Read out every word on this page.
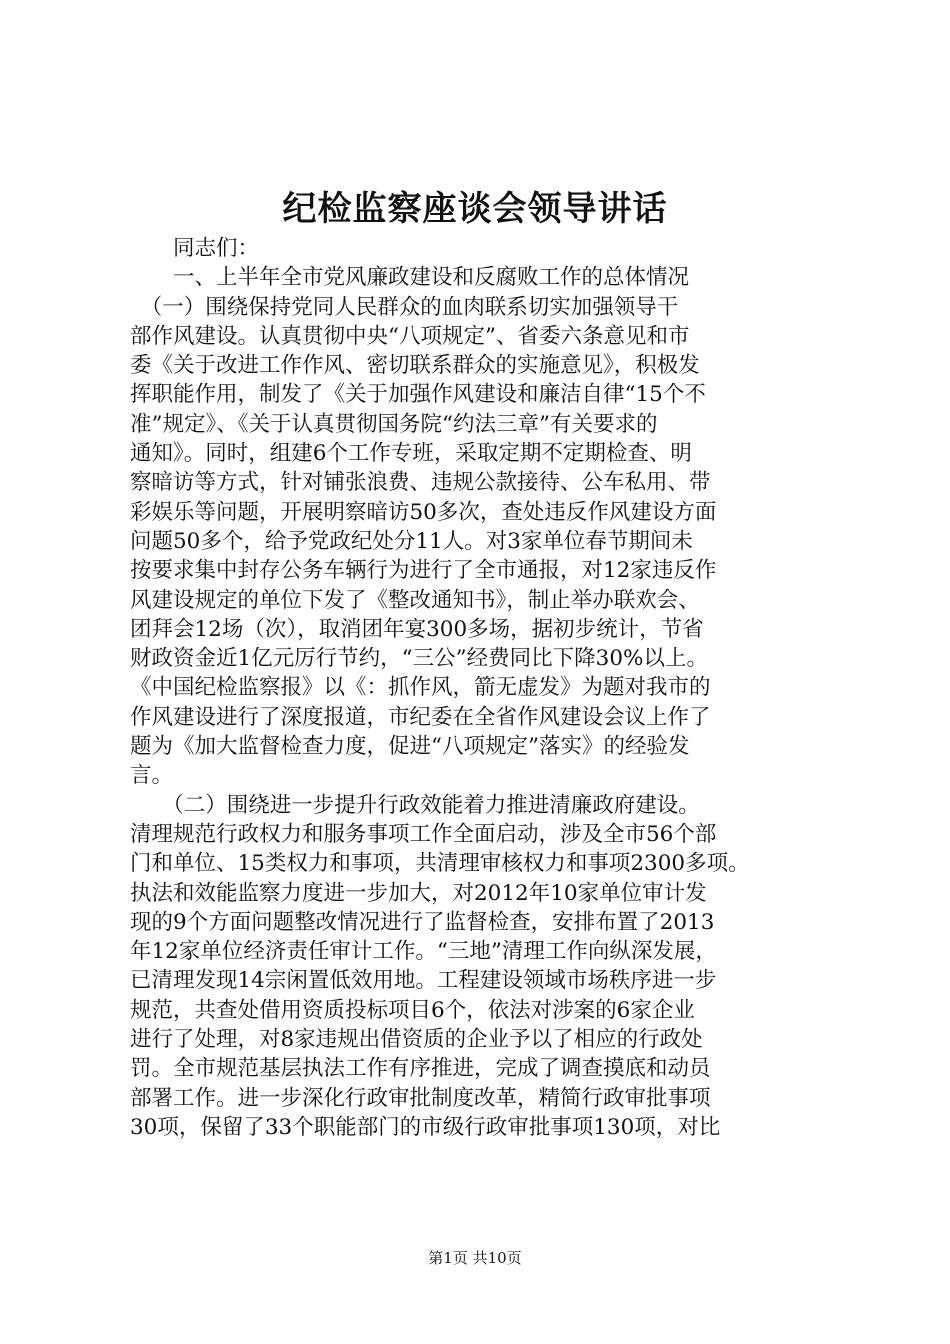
纪检监察座谈会领导讲话
　　同志们：
　　一、上半年全市党风廉政建设和反腐败工作的总体情况
　（一）围绕保持党同人民群众的血肉联系切实加强领导干
部作风建设。认真贯彻中央“八项规定”、省委六条意见和市
委《关于改进工作作风、密切联系群众的实施意见》，积极发
挥职能作用，制发了《关于加强作风建设和廉洁自律“15个不
准”规定》、《关于认真贯彻国务院“约法三章”有关要求的
通知》。同时，组建6个工作专班，采取定期不定期检查、明
察暗访等方式，针对铺张浪费、违规公款接待、公车私用、带
彩娱乐等问题，开展明察暗访50多次，查处违反作风建设方面
问题50多个，给予党政纪处分11人。对3家单位春节期间未
按要求集中封存公务车辆行为进行了全市通报，对12家违反作
风建设规定的单位下发了《整改通知书》，制止举办联欢会、
团拜会12场（次），取消团年宴300多场，据初步统计，节省
财政资金近1亿元厉行节约，“三公”经费同比下降30%以上。
《中国纪检监察报》以《：抓作风，箭无虚发》为题对我市的
作风建设进行了深度报道，市纪委在全省作风建设会议上作了
题为《加大监督检查力度，促进“八项规定”落实》的经验发
言。
　　（二）围绕进一步提升行政效能着力推进清廉政府建设。
清理规范行政权力和服务事项工作全面启动，涉及全市56个部
门和单位、15类权力和事项，共清理审核权力和事项2300多项。
执法和效能监察力度进一步加大，对2012年10家单位审计发
现的9个方面问题整改情况进行了监督检查，安排布置了2013
年12家单位经济责任审计工作。“三地”清理工作向纵深发展，
已清理发现14宗闲置低效用地。工程建设领域市场秩序进一步
规范，共查处借用资质投标项目6个，依法对涉案的6家企业
进行了处理，对8家违规出借资质的企业予以了相应的行政处
罚。全市规范基层执法工作有序推进，完成了调查摸底和动员
部署工作。进一步深化行政审批制度改革，精简行政审批事项
30项，保留了33个职能部门的市级行政审批事项130项，对比
第1页 共10页
